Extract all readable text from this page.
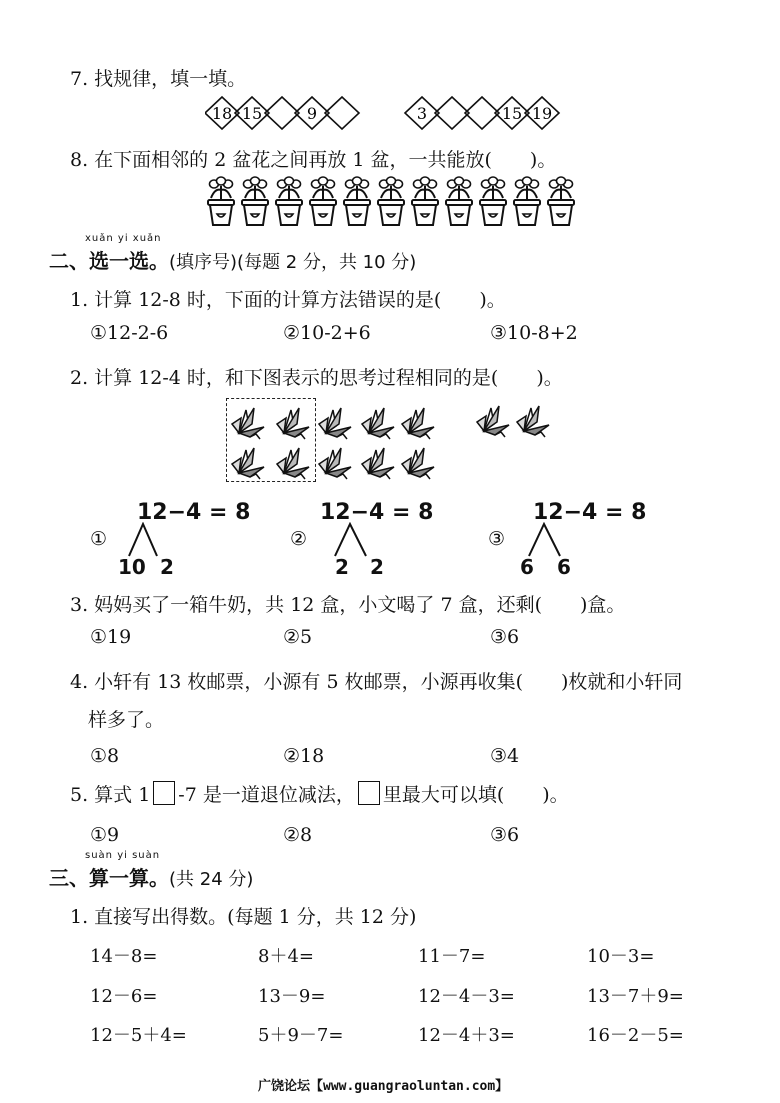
7. 找规律，填一填。
18 15	9	3	15 19
8. 在下面相邻的 2 盆花之间再放 1 盆，一共能放(　　)。
xuǎn yi xuǎn
二、选一选。(填序号)(每题 2 分，共 10 分)
1. 计算 12-8 时，下面的计算方法错误的是(　　)。
①12-2-6	②10-2+6	③10-8+2
2. 计算 12-4 时，和下图表示的思考过程相同的是(　　)。
12−4 = 8	12−4 = 8	12−4 = 8
①	②	③
10 2	2 2	6 6
3. 妈妈买了一箱牛奶，共 12 盒，小文喝了 7 盒，还剩(　　)盒。
①19	②5	③6
4. 小轩有 13 枚邮票，小源有 5 枚邮票，小源再收集(　　)枚就和小轩同
样多了。
①8	②18	③4
5. 算式 1 -7 是一道退位减法， 里最大可以填(　　)。
①9	②8	③6
suàn yi suàn
三、算一算。(共 24 分)
1. 直接写出得数。(每题 1 分，共 12 分)
14－8=	8＋4=	11－7=	10－3=
12－6=	13－9=	12－4－3=	13－7＋9=
12－5＋4=	5＋9－7=	12－4＋3=	16－2－5=
广饶论坛【www.guangraoluntan.com】
